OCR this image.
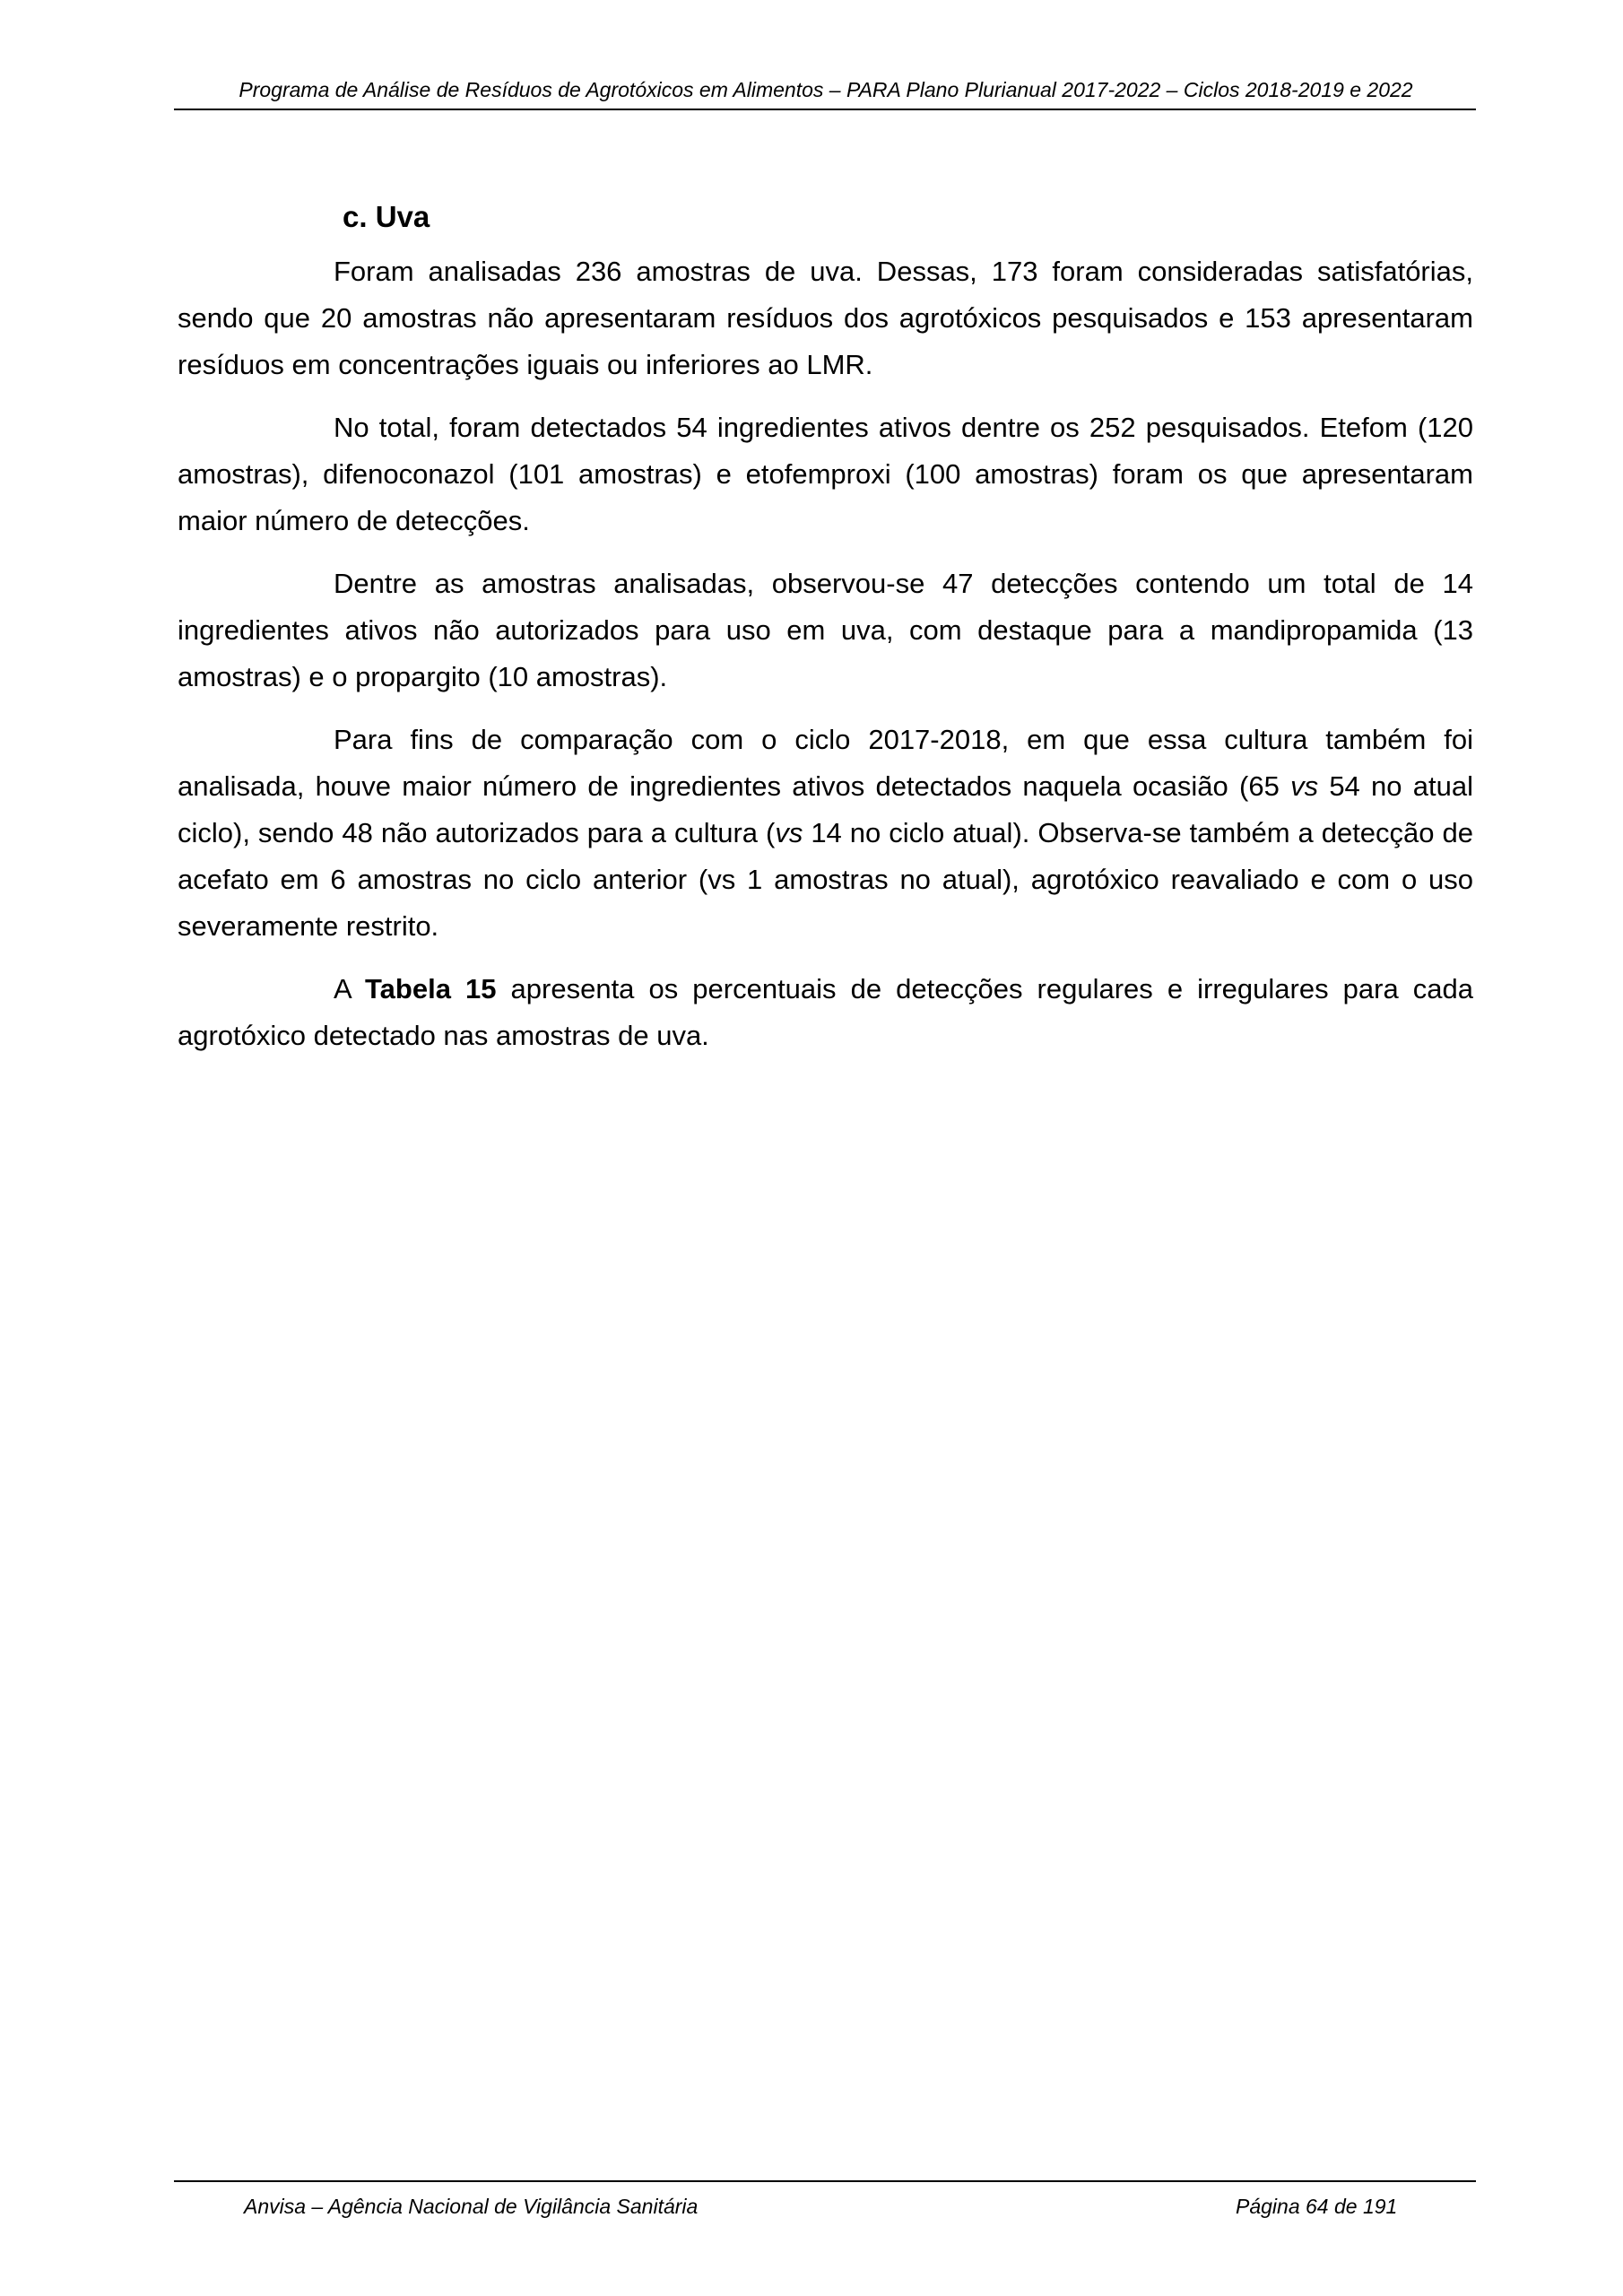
Programa de Análise de Resíduos de Agrotóxicos em Alimentos – PARA Plano Plurianual 2017-2022 – Ciclos 2018-2019 e 2022
c. Uva

Foram analisadas 236 amostras de uva. Dessas, 173 foram consideradas satisfatórias, sendo que 20 amostras não apresentaram resíduos dos agrotóxicos pesquisados e 153 apresentaram resíduos em concentrações iguais ou inferiores ao LMR.

No total, foram detectados 54 ingredientes ativos dentre os 252 pesquisados. Etefom (120 amostras), difenoconazol (101 amostras) e etofemproxi (100 amostras) foram os que apresentaram maior número de detecções.

Dentre as amostras analisadas, observou-se 47 detecções contendo um total de 14 ingredientes ativos não autorizados para uso em uva, com destaque para a mandipropamida (13 amostras) e o propargito (10 amostras).

Para fins de comparação com o ciclo 2017-2018, em que essa cultura também foi analisada, houve maior número de ingredientes ativos detectados naquela ocasião (65 vs 54 no atual ciclo), sendo 48 não autorizados para a cultura (vs 14 no ciclo atual). Observa-se também a detecção de acefato em 6 amostras no ciclo anterior (vs 1 amostras no atual), agrotóxico reavaliado e com o uso severamente restrito.

A Tabela 15 apresenta os percentuais de detecções regulares e irregulares para cada agrotóxico detectado nas amostras de uva.

Anvisa – Agência Nacional de Vigilância Sanitária	Página 64 de 191
